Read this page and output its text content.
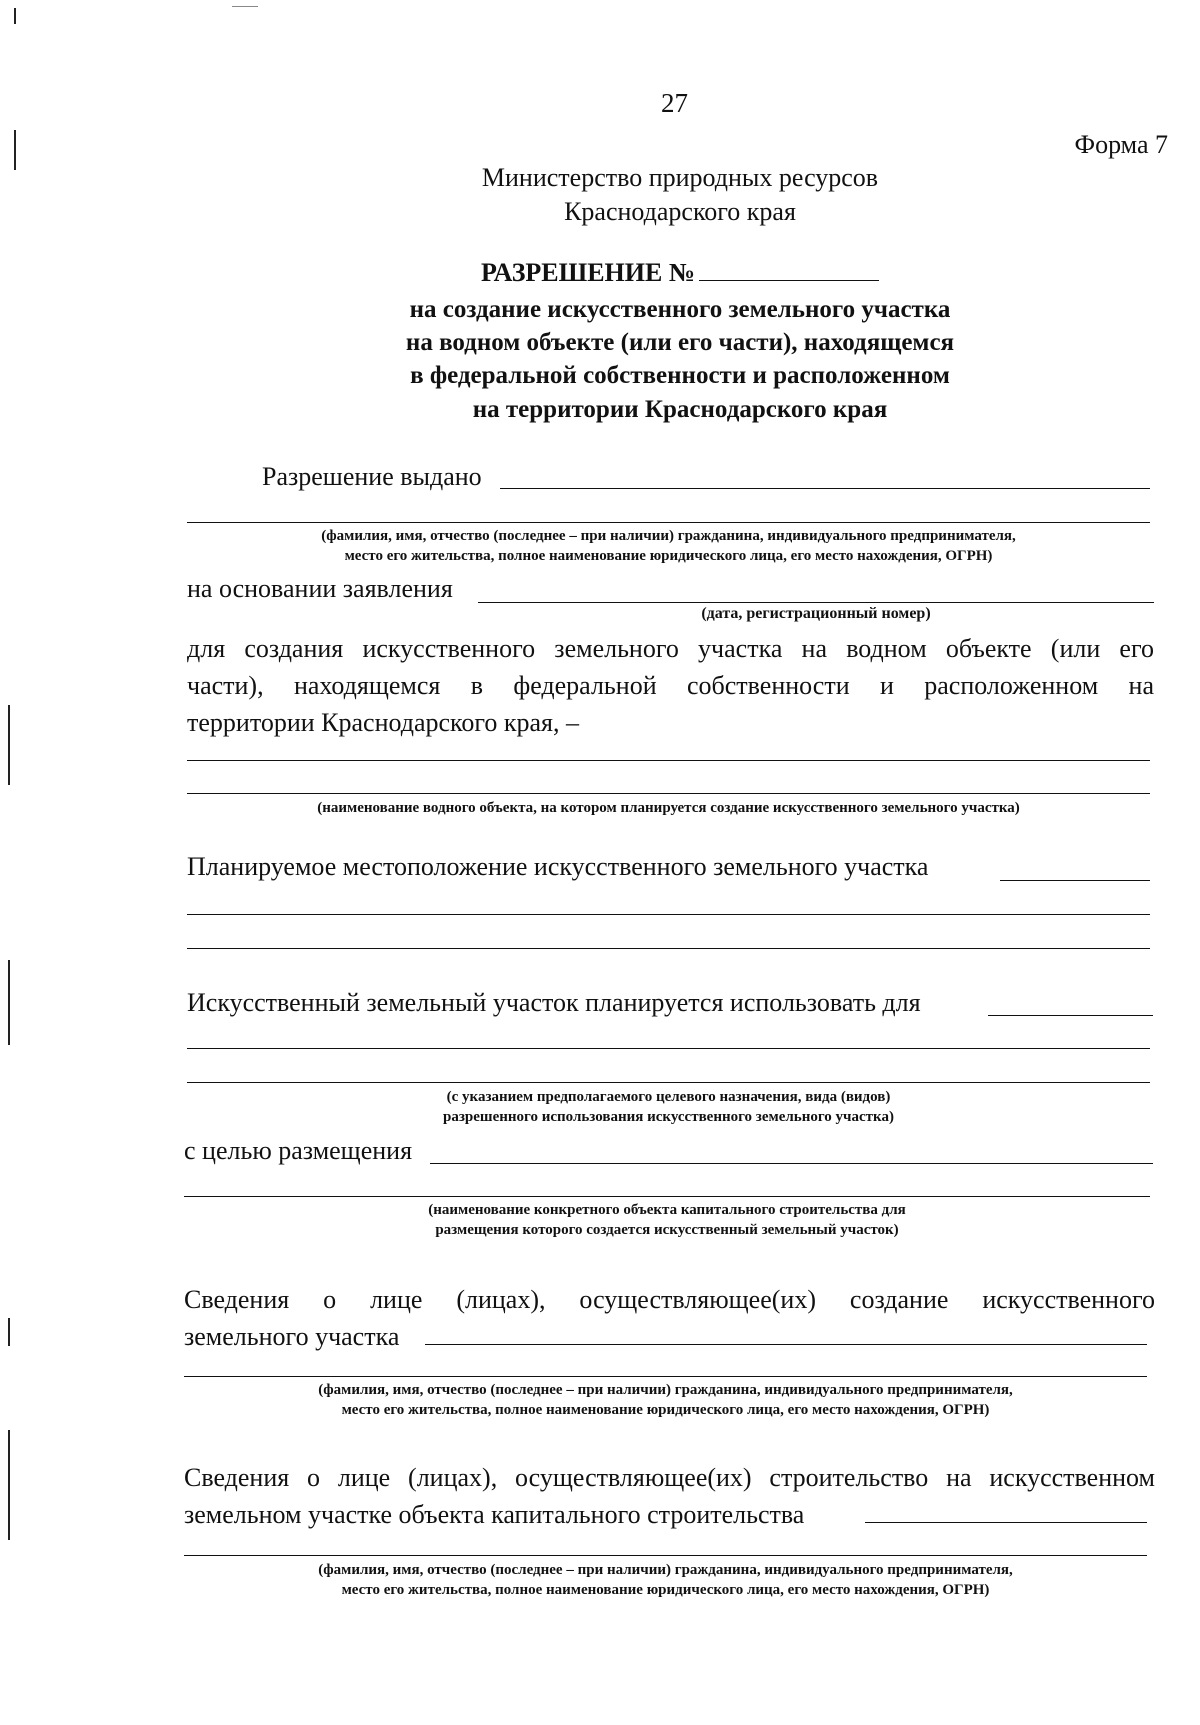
27
Форма 7
Министерство природных ресурсов
Краснодарского края
РАЗРЕШЕНИЕ №
на создание искусственного земельного участка
на водном объекте (или его части), находящемся
в федеральной собственности и расположенном
на территории Краснодарского края
Разрешение выдано
(фамилия, имя, отчество (последнее – при наличии) гражданина, индивидуального предпринимателя,
место его жительства, полное наименование юридического лица, его место нахождения, ОГРН)
на основании заявления
(дата, регистрационный номер)
для создания искусственного земельного участка на водном объекте (или его
части), находящемся в федеральной собственности и расположенном на
территории Краснодарского края, –
(наименование водного объекта, на котором планируется создание искусственного земельного участка)
Планируемое местоположение искусственного земельного участка
Искусственный земельный участок планируется использовать для
(с указанием предполагаемого целевого назначения, вида (видов)
разрешенного использования искусственного земельного участка)
с целью размещения
(наименование конкретного объекта капитального строительства для
размещения которого создается искусственный земельный участок)
Сведения о лице (лицах), осуществляющее(их) создание искусственного
земельного участка
(фамилия, имя, отчество (последнее – при наличии) гражданина, индивидуального предпринимателя,
место его жительства, полное наименование юридического лица, его место нахождения, ОГРН)
Сведения о лице (лицах), осуществляющее(их) строительство на искусственном
земельном участке объекта капитального строительства
(фамилия, имя, отчество (последнее – при наличии) гражданина, индивидуального предпринимателя,
место его жительства, полное наименование юридического лица, его место нахождения, ОГРН)
